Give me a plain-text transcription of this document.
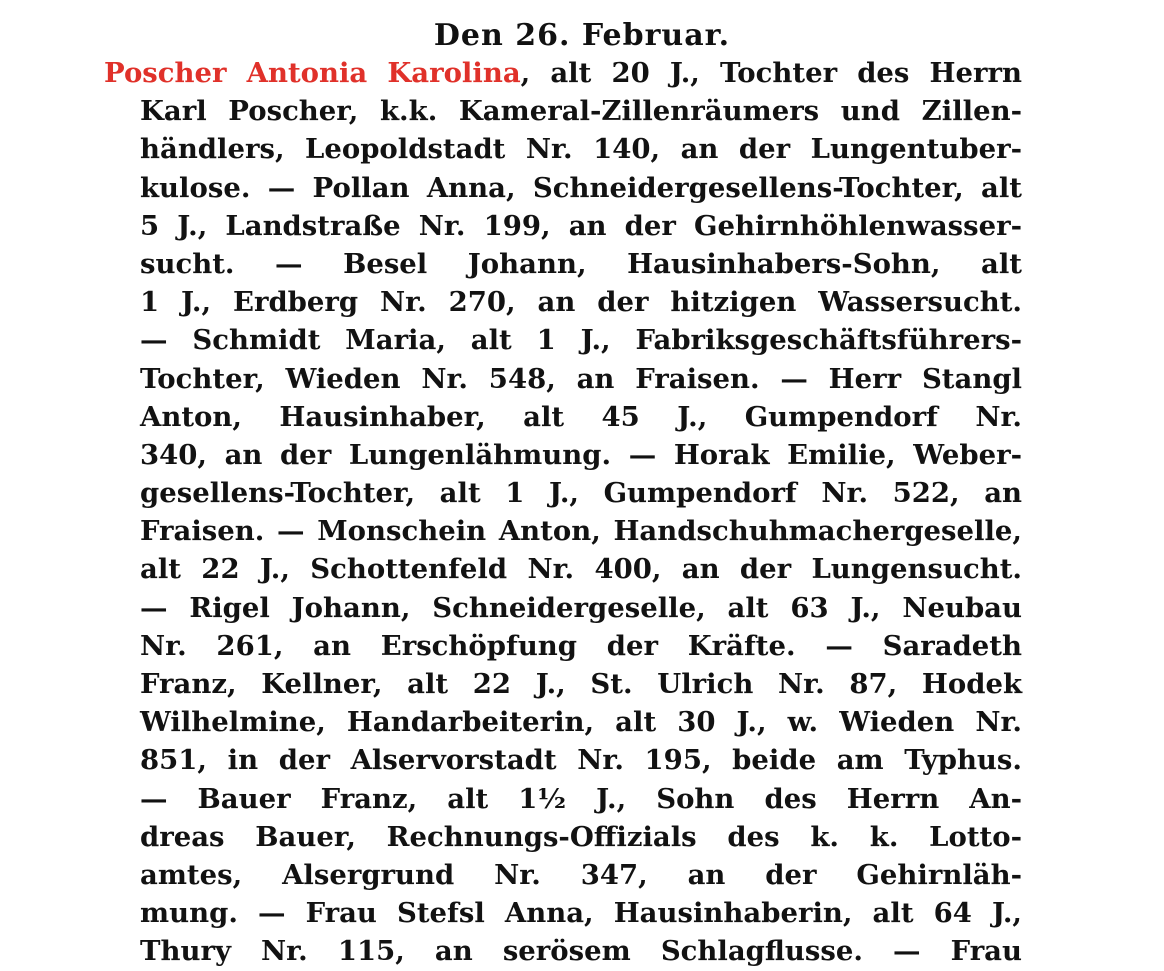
Den 26. Februar.
Poscher Antonia Karolina, alt 20 J., Tochter des Herrn
Karl Poscher, k.k. Kameral-Zillenräumers und Zillen-
händlers, Leopoldstadt Nr. 140, an der Lungentuber-
kulose. — Pollan Anna, Schneidergesellens-Tochter, alt
5 J., Landstraße Nr. 199, an der Gehirnhöhlenwasser-
sucht. — Besel Johann, Hausinhabers-Sohn, alt
1 J., Erdberg Nr. 270, an der hitzigen Wassersucht.
— Schmidt Maria, alt 1 J., Fabriksgeschäftsführers-
Tochter, Wieden Nr. 548, an Fraisen. — Herr Stangl
Anton, Hausinhaber, alt 45 J., Gumpendorf Nr.
340, an der Lungenlähmung. — Horak Emilie, Weber-
gesellens-Tochter, alt 1 J., Gumpendorf Nr. 522, an
Fraisen. — Monschein Anton, Handschuhmachergeselle,
alt 22 J., Schottenfeld Nr. 400, an der Lungensucht.
— Rigel Johann, Schneidergeselle, alt 63 J., Neubau
Nr. 261, an Erschöpfung der Kräfte. — Saradeth
Franz, Kellner, alt 22 J., St. Ulrich Nr. 87, Hodek
Wilhelmine, Handarbeiterin, alt 30 J., w. Wieden Nr.
851, in der Alservorstadt Nr. 195, beide am Typhus.
— Bauer Franz, alt 1½ J., Sohn des Herrn An-
dreas Bauer, Rechnungs-Offizials des k. k. Lotto-
amtes, Alsergrund Nr. 347, an der Gehirnläh-
mung. — Frau Stefsl Anna, Hausinhaberin, alt 64 J.,
Thury Nr. 115, an serösem Schlagflusse. — Frau
